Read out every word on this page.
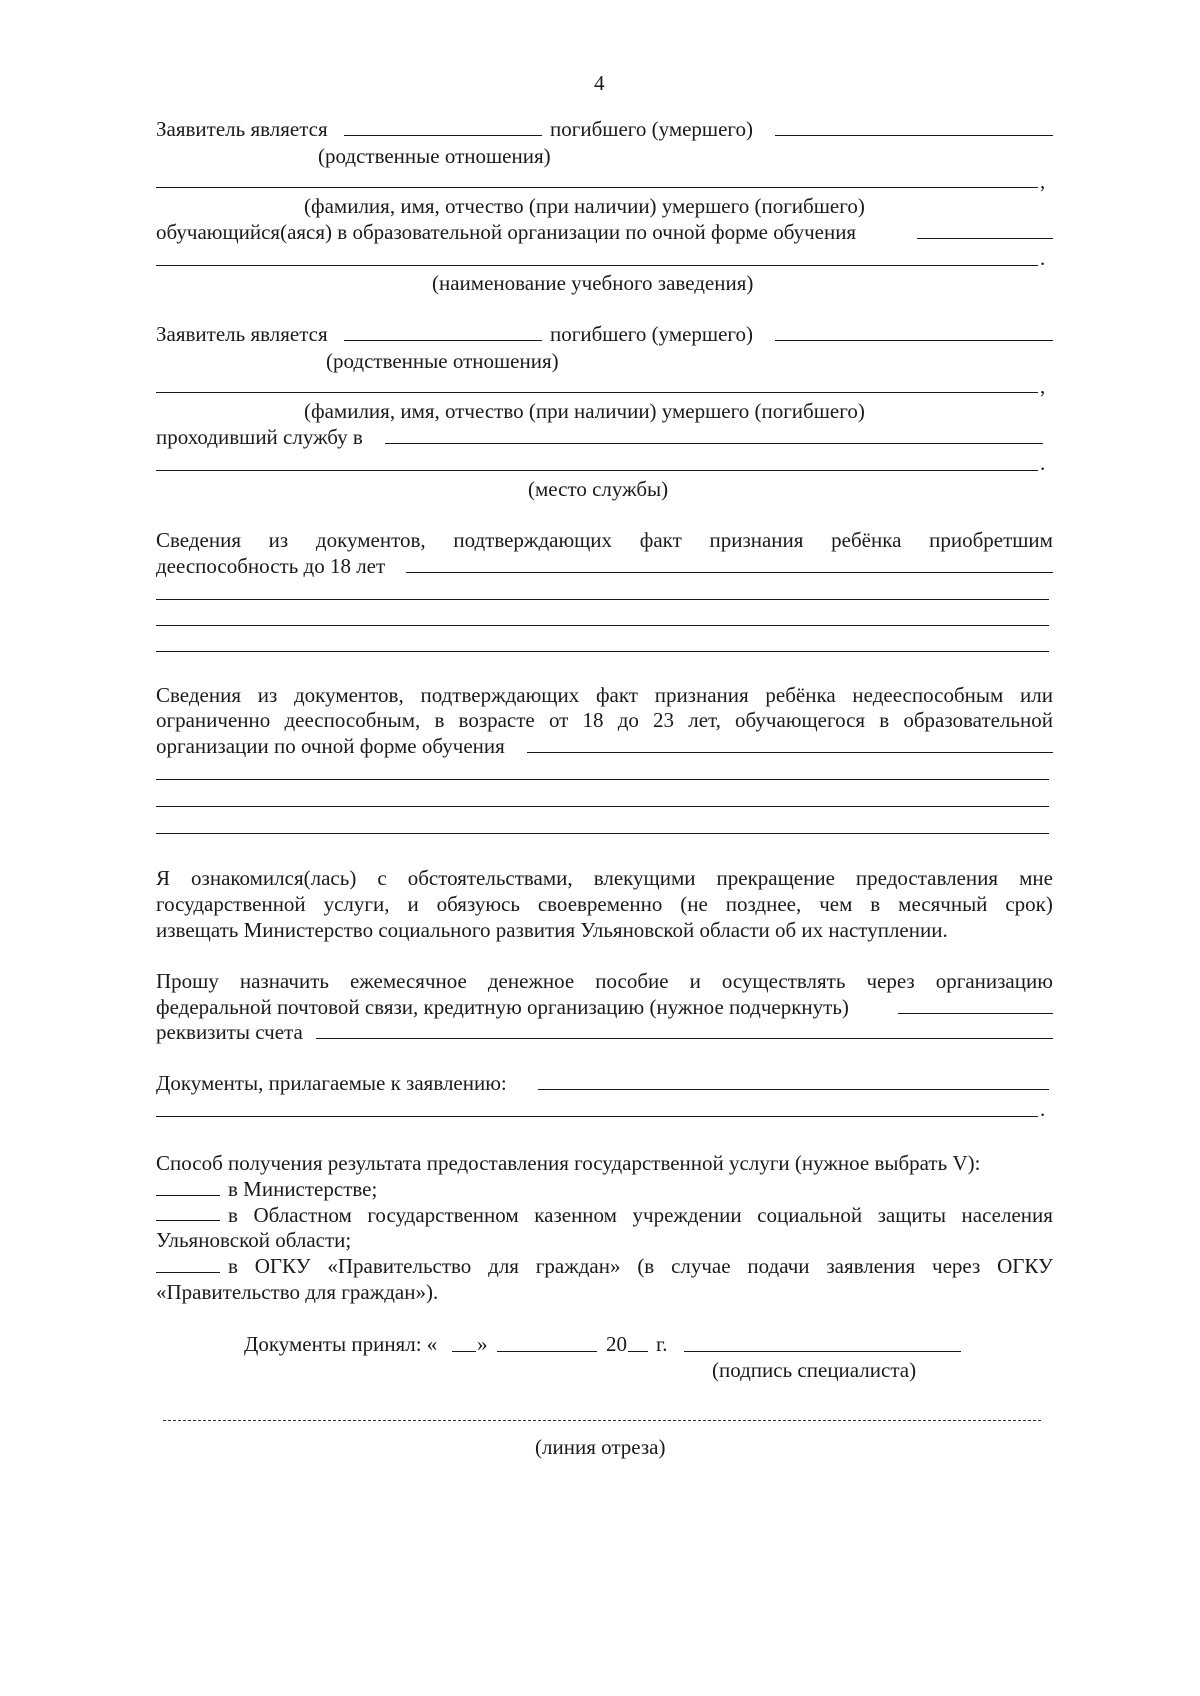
4
Заявитель является	погибшего (умершего)
(родственные отношения)
,
(фамилия, имя, отчество (при наличии) умершего (погибшего)
обучающийся(аяся) в образовательной организации по очной форме обучения
.
(наименование учебного заведения)
Заявитель является	погибшего (умершего)
(родственные отношения)
,
(фамилия, имя, отчество (при наличии) умершего (погибшего)
проходивший службу в
.
(место службы)
Сведения из документов, подтверждающих факт признания ребёнка приобретшим
дееспособность до 18 лет
Сведения из документов, подтверждающих факт признания ребёнка недееспособным или
ограниченно дееспособным, в возрасте от 18 до 23 лет, обучающегося в образовательной
организации по очной форме обучения
Я ознакомился(лась) с обстоятельствами, влекущими прекращение предоставления мне
государственной услуги, и обязуюсь своевременно (не позднее, чем в месячный срок)
извещать Министерство социального развития Ульяновской области об их наступлении.
Прошу назначить ежемесячное денежное пособие и осуществлять через организацию
федеральной почтовой связи, кредитную организацию (нужное подчеркнуть)
реквизиты счета
Документы, прилагаемые к заявлению:
.
Способ получения результата предоставления государственной услуги (нужное выбрать V):
в Министерстве;
в Областном государственном казенном учреждении социальной защиты населения
Ульяновской области;
в ОГКУ «Правительство для граждан» (в случае подачи заявления через ОГКУ
«Правительство для граждан»).
Документы принял: « »	20 г.
(подпись специалиста)
(линия отреза)
